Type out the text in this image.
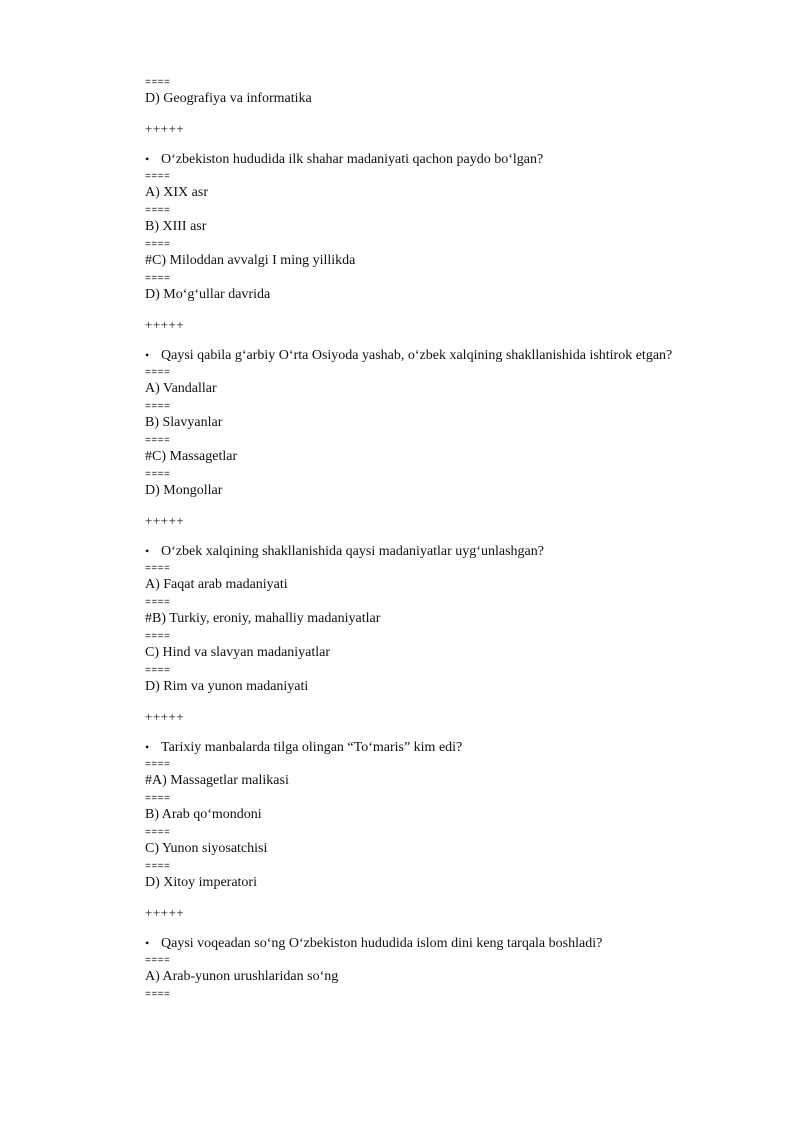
====
D) Geografiya va informatika
+++++
• O‘zbekiston hududida ilk shahar madaniyati qachon paydo bo‘lgan?
====
A) XIX asr
====
B) XIII asr
====
#C) Miloddan avvalgi I ming yillikda
====
D) Mo‘g‘ullar davrida
+++++
• Qaysi qabila g‘arbiy O‘rta Osiyoda yashab, o‘zbek xalqining shakllanishida ishtirok etgan?
====
A) Vandallar
====
B) Slavyanlar
====
#C) Massagetlar
====
D) Mongollar
+++++
• O‘zbek xalqining shakllanishida qaysi madaniyatlar uyg‘unlashgan?
====
A) Faqat arab madaniyati
====
#B) Turkiy, eroniy, mahalliy madaniyatlar
====
C) Hind va slavyan madaniyatlar
====
D) Rim va yunon madaniyati
+++++
• Tarixiy manbalarda tilga olingan “To‘maris” kim edi?
====
#A) Massagetlar malikasi
====
B) Arab qo‘mondoni
====
C) Yunon siyosatchisi
====
D) Xitoy imperatori
+++++
• Qaysi voqeadan so‘ng O‘zbekiston hududida islom dini keng tarqala boshladi?
====
A) Arab-yunon urushlaridan so‘ng
====
